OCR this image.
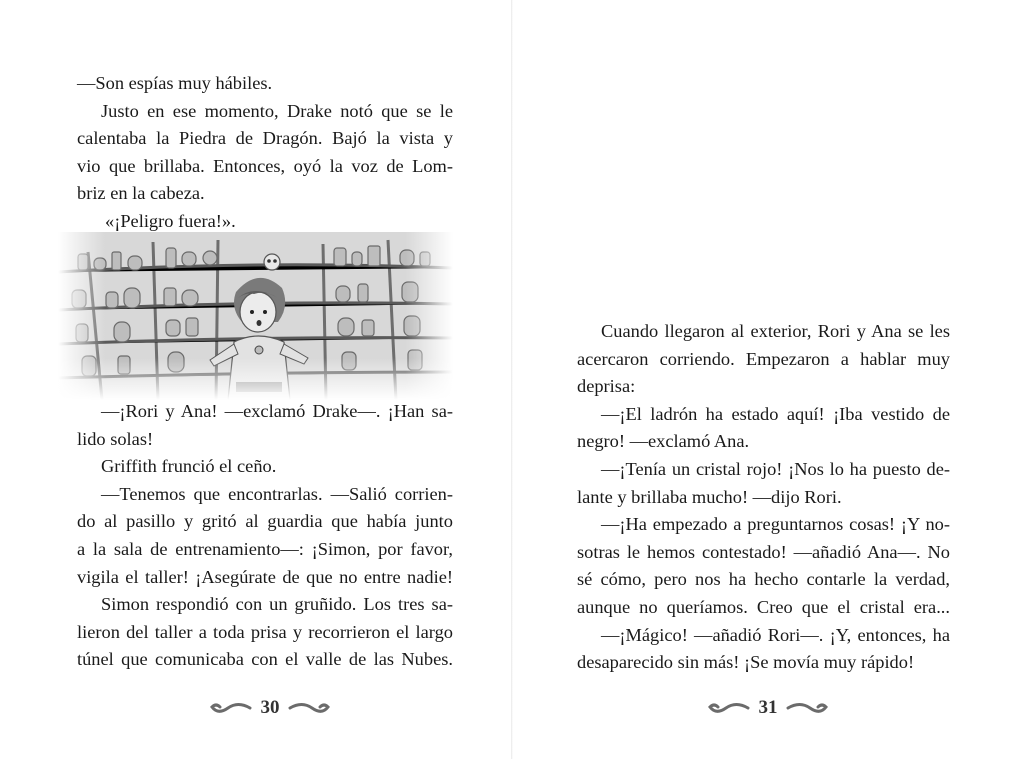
—Son espías muy hábiles.

Justo en ese momento, Drake notó que se le
calentaba la Piedra de Dragón. Bajó la vista y
vio que brillaba. Entonces, oyó la voz de Lom-
briz en la cabeza.

«¡Peligro fuera!».

—¡Rori y Ana! —exclamó Drake—. ¡Han sa-
lido solas!

Griffith frunció el ceño.

—Tenemos que encontrarlas. —Salió corrien-
do al pasillo y gritó al guardia que había junto
a la sala de entrenamiento—: ¡Simon, por favor,
vigila el taller! ¡Asegúrate de que no entre nadie!

Simon respondió con un gruñido. Los tres sa-
lieron del taller a toda prisa y recorrieron el largo
túnel que comunicaba con el valle de las Nubes.

30

Cuando llegaron al exterior, Rori y Ana se les
acercaron corriendo. Empezaron a hablar muy
deprisa:

—¡El ladrón ha estado aquí! ¡Iba vestido de
negro! —exclamó Ana.

—¡Tenía un cristal rojo! ¡Nos lo ha puesto de-
lante y brillaba mucho! —dijo Rori.

—¡Ha empezado a preguntarnos cosas! ¡Y no-
sotras le hemos contestado! —añadió Ana—. No
sé cómo, pero nos ha hecho contarle la verdad,
aunque no queríamos. Creo que el cristal era...

—¡Mágico! —añadió Rori—. ¡Y, entonces, ha
desaparecido sin más! ¡Se movía muy rápido!

31
